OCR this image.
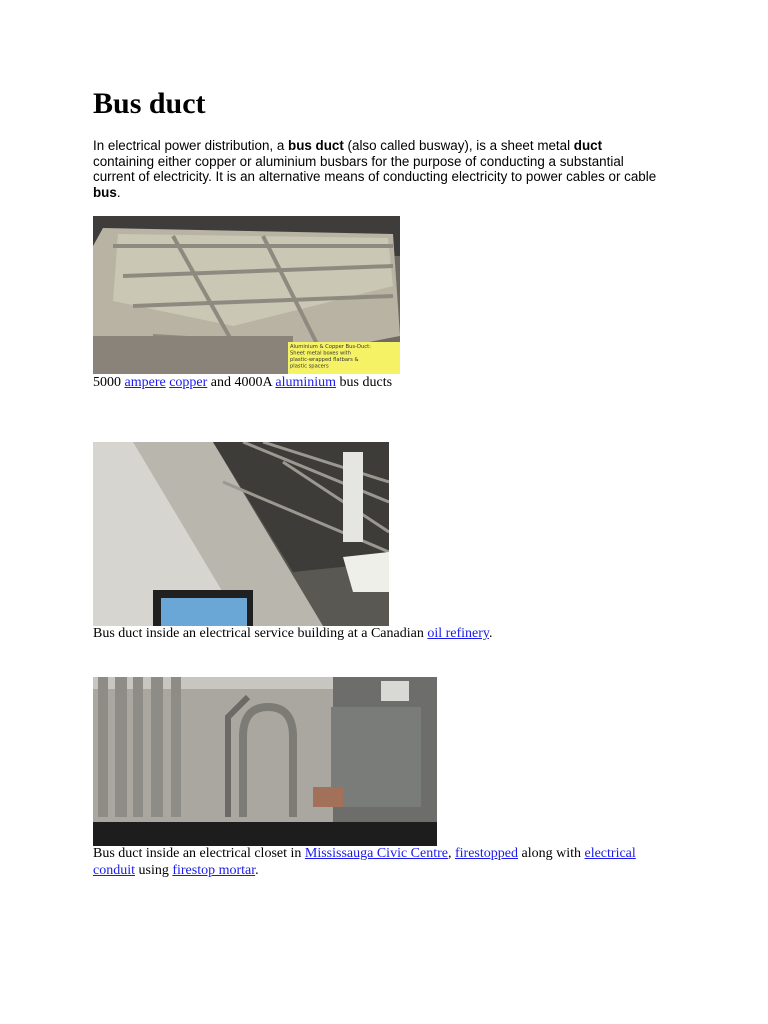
Bus duct

In electrical power distribution, a bus duct (also called busway), is a sheet metal duct containing either copper or aluminium busbars for the purpose of conducting a substantial current of electricity. It is an alternative means of conducting electricity to power cables or cable bus.

Aluminium & Copper Bus-Duct: Sheet metal boxes with plastic-wrapped flatbars & plastic spacers

5000 ampere copper and 4000A aluminium bus ducts

Bus duct inside an electrical service building at a Canadian oil refinery.

Bus duct inside an electrical closet in Mississauga Civic Centre, firestopped along with electrical conduit using firestop mortar.
